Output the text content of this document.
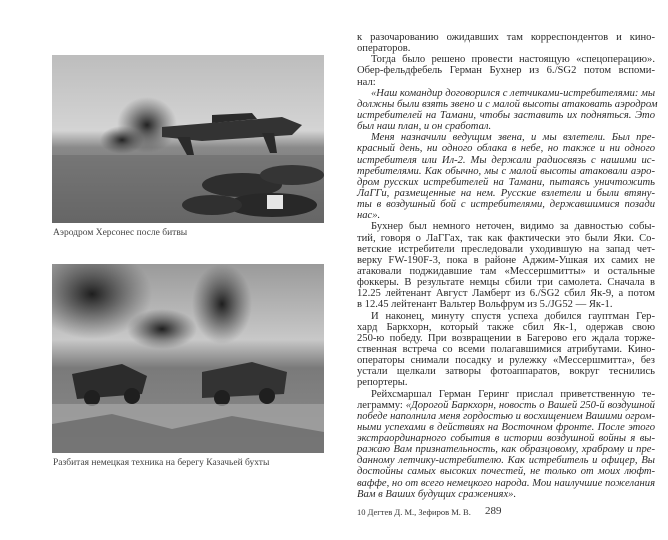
Аэродром Херсонес после битвы
Разбитая немецкая техника на берегу Казачьей бухты
к разочарованию ожидавших там корреспондентов и кино-
операторов.
Тогда было решено провести настоящую «спецоперацию».
Обер-фельдфебель Герман Бухнер из 6./SG2 потом вспоми-
нал:
«Наш командир договорился с летчиками-истребителями: мы
должны были взять звено и с малой высоты атаковать аэродром
истребителей на Тамани, чтобы заставить их подняться. Это
был наш план, и он сработал.
Меня назначили ведущим звена, и мы взлетели. Был пре-
красный день, ни одного облака в небе, но также и ни одного
истребителя или Ил-2. Мы держали радиосвязь с нашими ис-
требителями. Как обычно, мы с малой высоты атаковали аэро-
дром русских истребителей на Тамани, пытаясь уничтожить
ЛаГГи, размещенные на нем. Русские взлетели и были втяну-
ты в воздушный бой с истребителями, державшимися позади
нас».
Бухнер был немного неточен, видимо за давностью собы-
тий, говоря о ЛаГГах, так как фактически это были Яки. Со-
ветские истребители преследовали уходившую на запад чет-
верку FW-190F-3, пока в районе Аджим-Ушкая их самих не
атаковали поджидавшие там «Мессершмитты» и остальные
фоккеры. В результате немцы сбили три самолета. Сначала в
12.25 лейтенант Август Ламберт из 6./SG2 сбил Як-9, а потом
в 12.45 лейтенант Вальтер Вольфрум из 5./JG52 — Як-1.
И наконец, минуту спустя успеха добился гауптман Гер-
хард Баркхорн, который также сбил Як-1, одержав свою
250-ю победу. При возвращении в Багерово его ждала торже-
ственная встреча со всеми полагавшимися атрибутами. Кино-
операторы снимали посадку и рулежку «Мессершмитта», без
устали щелкали затворы фотоаппаратов, вокруг теснились
репортеры.
Рейхсмаршал Герман Геринг прислал приветственную те-
леграмму: «Дорогой Баркхорн, новость о Вашей 250-й воздушной
победе наполнила меня гордостью и восхищением Вашими огром-
ными успехами в действиях на Восточном фронте. После этого
экстраординарного события в истории воздушной войны я вы-
ражаю Вам признательность, как образцовому, храброму и пре-
данному летчику-истребителю. Как истребитель и офицер, Вы
достойны самых высоких почестей, не только от моих люфт-
ваффе, но от всего немецкого народа. Мои наилучшие пожелания
Вам в Ваших будущих сражениях».
10 Дегтев Д. М., Зефиров М. В. 289
